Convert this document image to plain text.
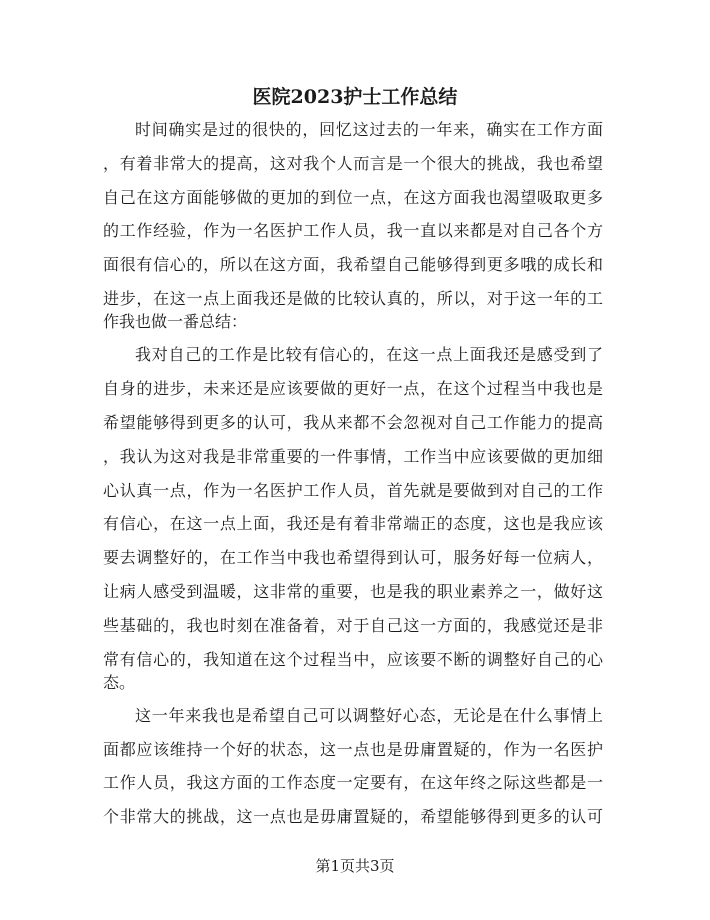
医院2023护士工作总结
时间确实是过的很快的，回忆这过去的一年来，确实在工作方面
，有着非常大的提高，这对我个人而言是一个很大的挑战，我也希望
自己在这方面能够做的更加的到位一点，在这方面我也渴望吸取更多
的工作经验，作为一名医护工作人员，我一直以来都是对自己各个方
面很有信心的，所以在这方面，我希望自己能够得到更多哦的成长和
进步，在这一点上面我还是做的比较认真的，所以，对于这一年的工
作我也做一番总结：
我对自己的工作是比较有信心的，在这一点上面我还是感受到了
自身的进步，未来还是应该要做的更好一点，在这个过程当中我也是
希望能够得到更多的认可，我从来都不会忽视对自己工作能力的提高
，我认为这对我是非常重要的一件事情，工作当中应该要做的更加细
心认真一点，作为一名医护工作人员，首先就是要做到对自己的工作
有信心，在这一点上面，我还是有着非常端正的态度，这也是我应该
要去调整好的，在工作当中我也希望得到认可，服务好每一位病人，
让病人感受到温暖，这非常的重要，也是我的职业素养之一，做好这
些基础的，我也时刻在准备着，对于自己这一方面的，我感觉还是非
常有信心的，我知道在这个过程当中，应该要不断的调整好自己的心
态。
这一年来我也是希望自己可以调整好心态，无论是在什么事情上
面都应该维持一个好的状态，这一点也是毋庸置疑的，作为一名医护
工作人员，我这方面的工作态度一定要有，在这年终之际这些都是一
个非常大的挑战，这一点也是毋庸置疑的，希望能够得到更多的认可
第1页共3页
